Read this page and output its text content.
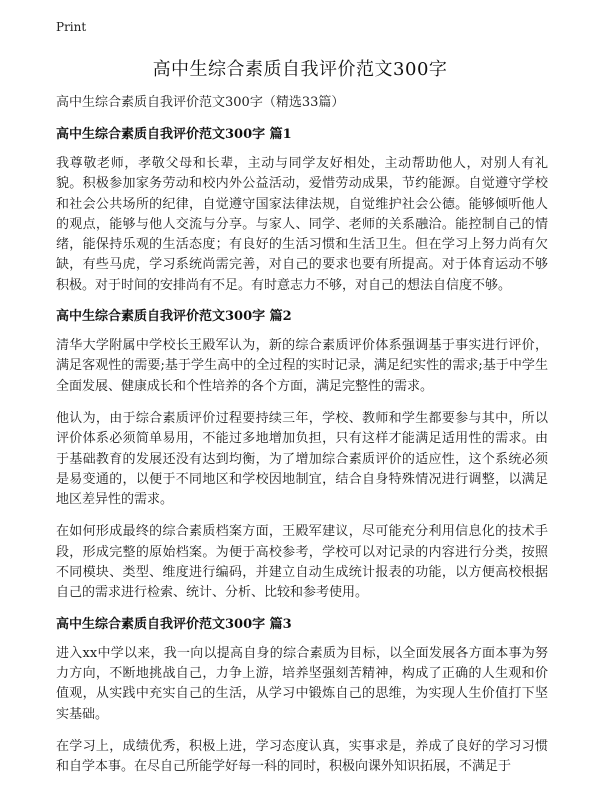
Print
高中生综合素质自我评价范文300字

高中生综合素质自我评价范文300字（精选33篇）

高中生综合素质自我评价范文300字 篇1

我尊敬老师，孝敬父母和长辈，主动与同学友好相处，主动帮助他人，对别人有礼貌。积极参加家务劳动和校内外公益活动，爱惜劳动成果，节约能源。自觉遵守学校和社会公共场所的纪律，自觉遵守国家法律法规，自觉维护社会公德。能够倾听他人的观点，能够与他人交流与分享。与家人、同学、老师的关系融洽。能控制自己的情绪，能保持乐观的生活态度；有良好的生活习惯和生活卫生。但在学习上努力尚有欠缺，有些马虎，学习系统尚需完善，对自己的要求也要有所提高。对于体育运动不够积极。对于时间的安排尚有不足。有时意志力不够，对自己的想法自信度不够。

高中生综合素质自我评价范文300字 篇2

清华大学附属中学校长王殿军认为，新的综合素质评价体系强调基于事实进行评价，满足客观性的需要;基于学生高中的全过程的实时记录，满足纪实性的需求;基于中学生全面发展、健康成长和个性培养的各个方面，满足完整性的需求。

他认为，由于综合素质评价过程要持续三年，学校、教师和学生都要参与其中，所以评价体系必须简单易用，不能过多地增加负担，只有这样才能满足适用性的需求。由于基础教育的发展还没有达到均衡，为了增加综合素质评价的适应性，这个系统必须是易变通的，以便于不同地区和学校因地制宜，结合自身特殊情况进行调整，以满足地区差异性的需求。

在如何形成最终的综合素质档案方面，王殿军建议，尽可能充分利用信息化的技术手段，形成完整的原始档案。为便于高校参考，学校可以对记录的内容进行分类，按照不同模块、类型、维度进行编码，并建立自动生成统计报表的功能，以方便高校根据自己的需求进行检索、统计、分析、比较和参考使用。

高中生综合素质自我评价范文300字 篇3

进入xx中学以来，我一向以提高自身的综合素质为目标，以全面发展各方面本事为努力方向，不断地挑战自己，力争上游，培养坚强刻苦精神，构成了正确的人生观和价值观，从实践中充实自己的生活，从学习中锻炼自己的思维，为实现人生价值打下坚实基础。

在学习上，成绩优秀，积极上进，学习态度认真，实事求是，养成了良好的学习习惯和自学本事。在尽自己所能学好每一科的同时，积极向课外知识拓展，不满足于
